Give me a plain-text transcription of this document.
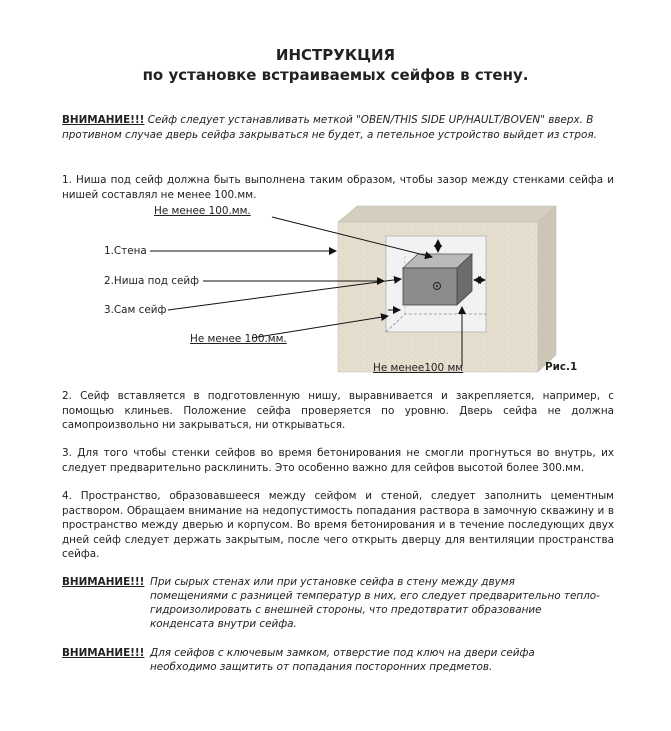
ИНСТРУКЦИЯ
по установке встраиваемых сейфов в стену.
ВНИМАНИЕ!!! Сейф следует устанавливать меткой "OBEN/THIS SIDE UP/HAULT/BOVEN" вверх. В противном случае дверь сейфа закрываться не будет, а петельное устройство выйдет из строя.
1. Ниша под сейф должна быть выполнена таким образом, чтобы зазор между стенками сейфа и нишей составлял не менее 100.мм.
Не менее 100.мм.
1.Стена
2.Ниша под сейф
3.Сам сейф
Не менее 100.мм.
Не менее100 мм	Рис.1
2. Сейф вставляется в подготовленную нишу, выравнивается и закрепляется, например, с помощью клиньев. Положение сейфа проверяется по уровню. Дверь сейфа не должна самопроизвольно ни закрываться, ни открываться.
3. Для того чтобы стенки сейфов во время бетонирования не смогли прогнуться во внутрь, их следует предварительно расклинить. Это особенно важно для сейфов высотой более 300.мм.
4. Пространство, образовавшееся между сейфом и стеной, следует заполнить цементным раствором. Обращаем внимание на недопустимость попадания раствора в замочную скважину и в пространство между дверью и корпусом. Во время бетонирования и в течение последующих двух дней сейф следует держать закрытым, после чего открыть дверцу для вентиляции пространства сейфа.
ВНИМАНИЕ!!! При сырых стенах или при установке сейфа в стену между двумя
помещениями с разницей температур в них, его следует предварительно тепло-
гидроизолировать с внешней стороны, что предотвратит образование
конденсата внутри сейфа.
ВНИМАНИЕ!!! Для сейфов с ключевым замком, отверстие под ключ на двери сейфа
необходимо защитить от попадания посторонних предметов.
